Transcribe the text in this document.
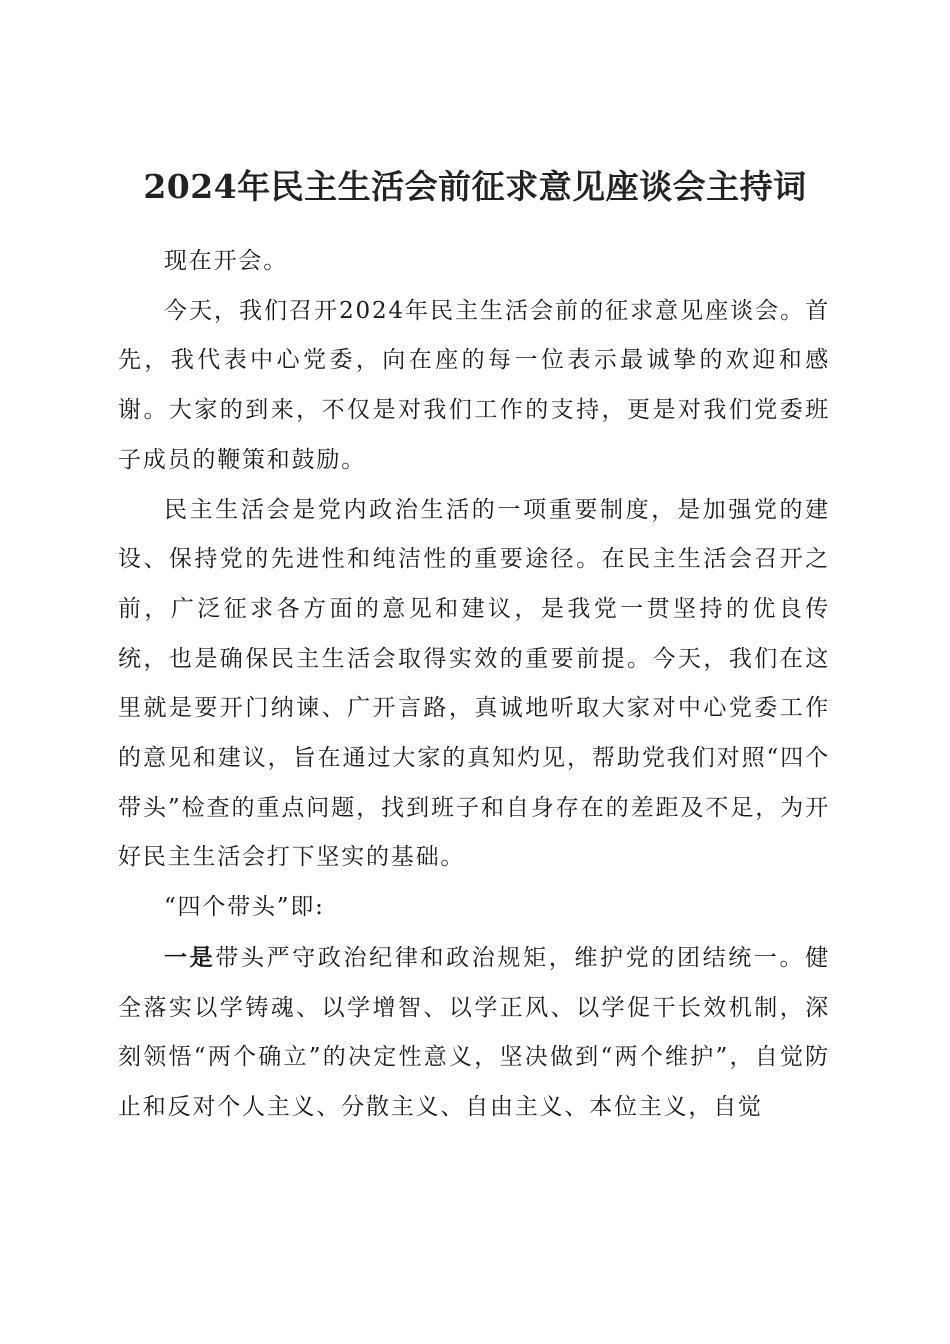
2024年民主生活会前征求意见座谈会主持词

现在开会。

今天，我们召开2024年民主生活会前的征求意见座谈会。首先，我代表中心党委，向在座的每一位表示最诚挚的欢迎和感谢。大家的到来，不仅是对我们工作的支持，更是对我们党委班子成员的鞭策和鼓励。

民主生活会是党内政治生活的一项重要制度，是加强党的建设、保持党的先进性和纯洁性的重要途径。在民主生活会召开之前，广泛征求各方面的意见和建议，是我党一贯坚持的优良传统，也是确保民主生活会取得实效的重要前提。今天，我们在这里就是要开门纳谏、广开言路，真诚地听取大家对中心党委工作的意见和建议，旨在通过大家的真知灼见，帮助党我们对照“四个带头”检查的重点问题，找到班子和自身存在的差距及不足，为开好民主生活会打下坚实的基础。

“四个带头”即:

一是带头严守政治纪律和政治规矩，维护党的团结统一。健全落实以学铸魂、以学增智、以学正风、以学促干长效机制，深刻领悟“两个确立”的决定性意义，坚决做到“两个维护”，自觉防止和反对个人主义、分散主义、自由主义、本位主义，自觉
